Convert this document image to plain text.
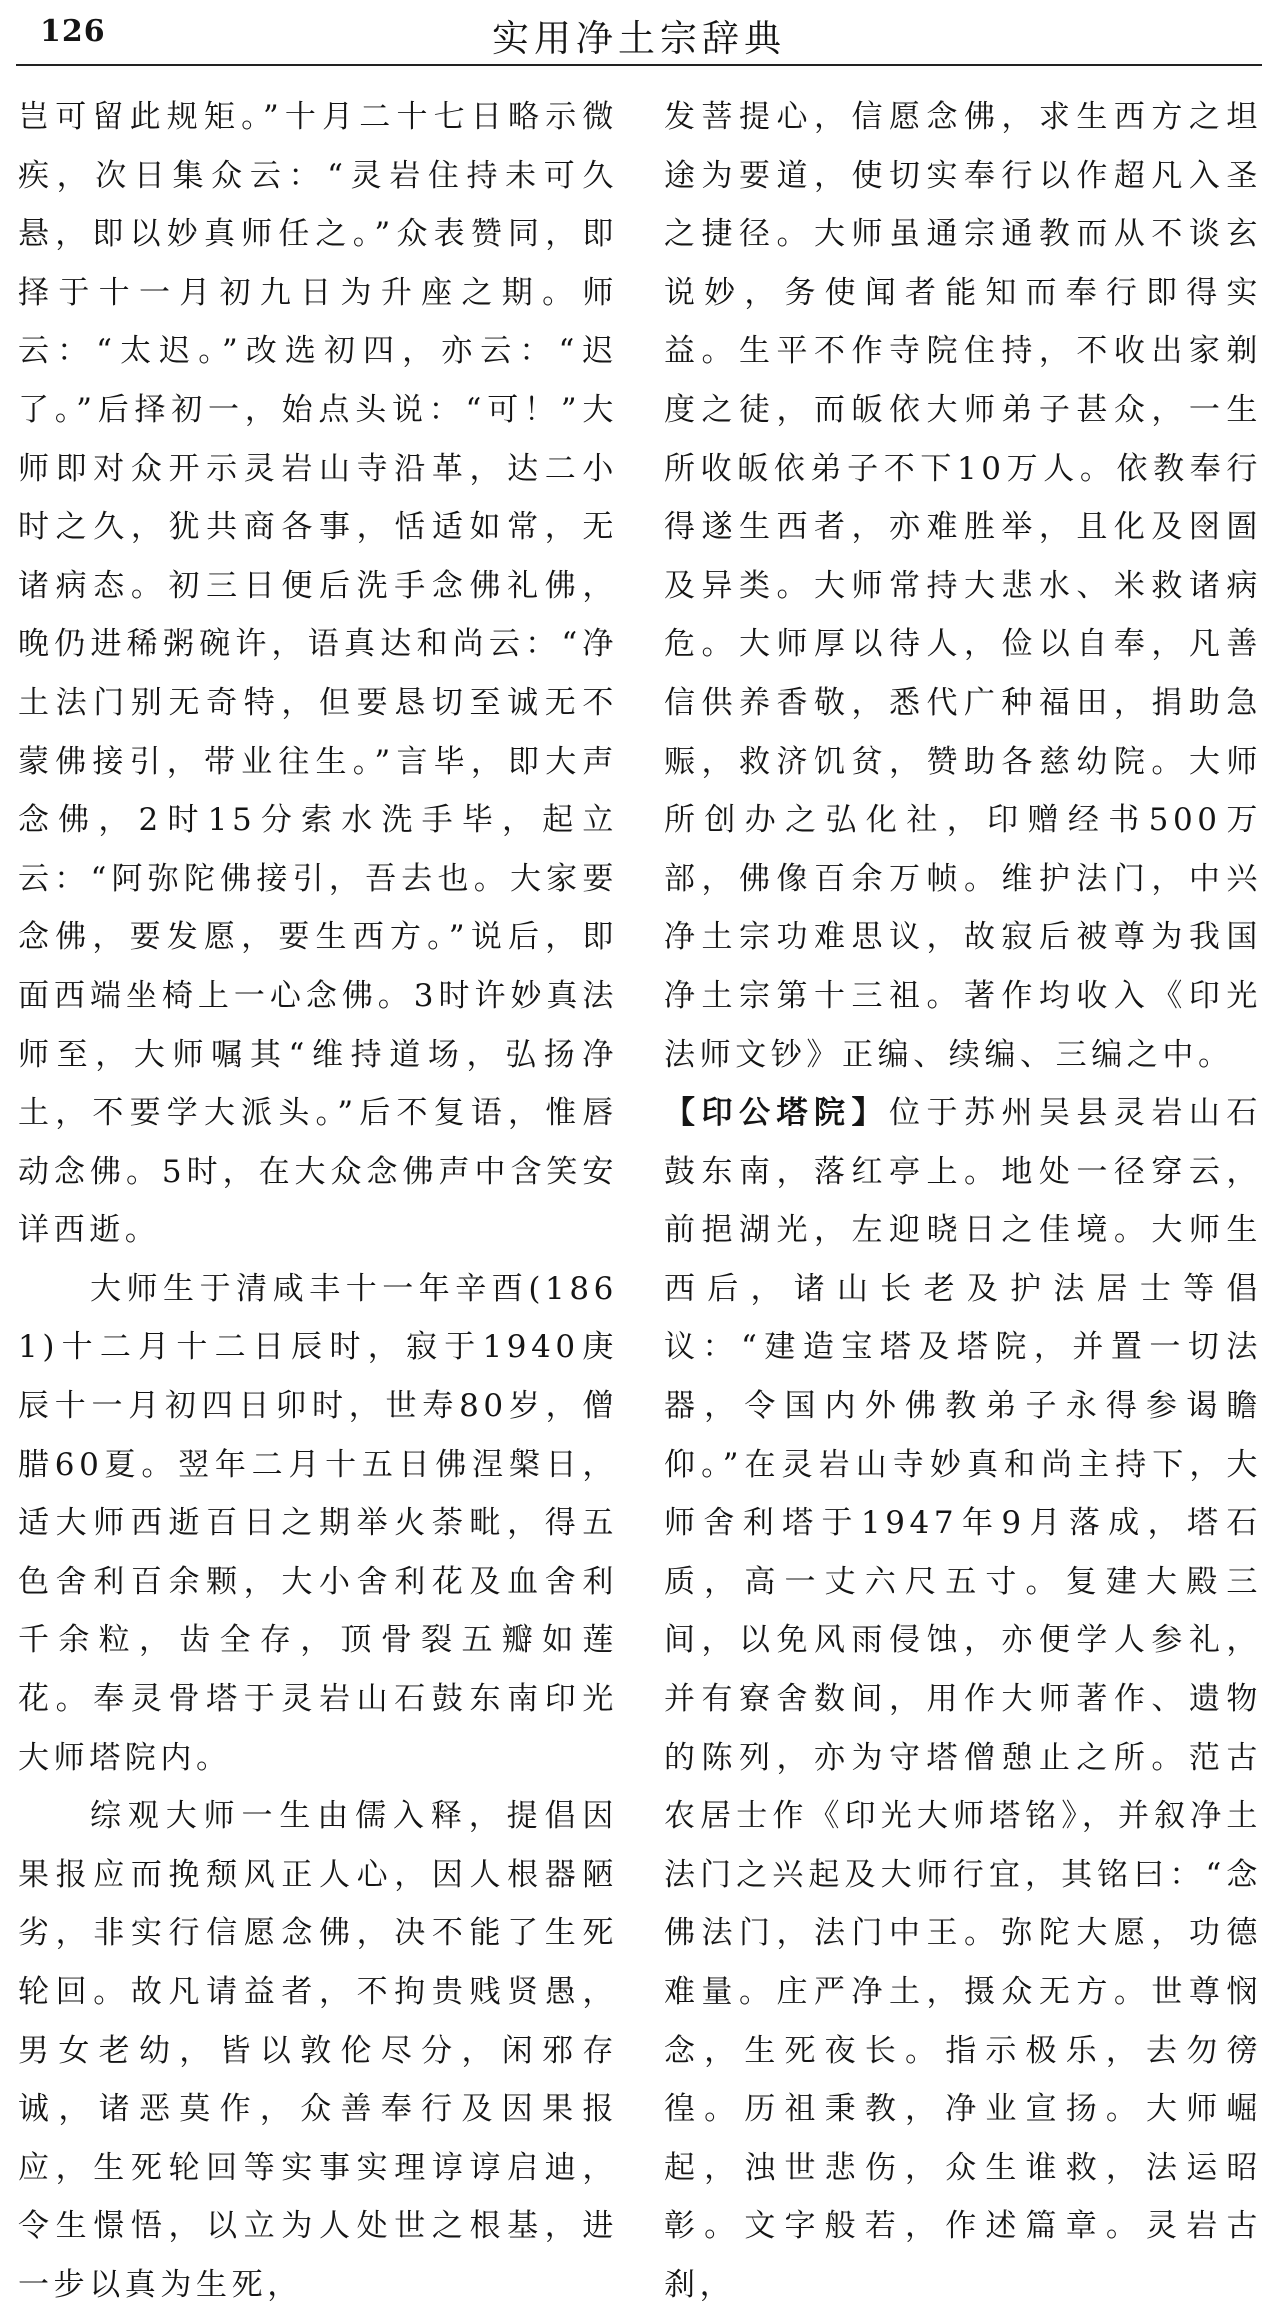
126	实用净土宗辞典

岂可留此规矩。”十月二十七日略示微疾，次日集众云：“灵岩住持未可久悬，即以妙真师任之。”众表赞同，即择于十一月初九日为升座之期。师云：“太迟。”改选初四，亦云：“迟了。”后择初一，始点头说：“可！”大师即对众开示灵岩山寺沿革，达二小时之久，犹共商各事，恬适如常，无诸病态。初三日便后洗手念佛礼佛，晚仍进稀粥碗许，语真达和尚云：“净土法门别无奇特，但要恳切至诚无不蒙佛接引，带业往生。”言毕，即大声念佛，2时15分索水洗手毕，起立云：“阿弥陀佛接引，吾去也。大家要念佛，要发愿，要生西方。”说后，即面西端坐椅上一心念佛。3时许妙真法师至，大师嘱其“维持道场，弘扬净土，不要学大派头。”后不复语，惟唇动念佛。5时，在大众念佛声中含笑安详西逝。

大师生于清咸丰十一年辛酉(1861)十二月十二日辰时，寂于1940庚辰十一月初四日卯时，世寿80岁，僧腊60夏。翌年二月十五日佛涅槃日，适大师西逝百日之期举火荼毗，得五色舍利百余颗，大小舍利花及血舍利千余粒，齿全存，顶骨裂五瓣如莲花。奉灵骨塔于灵岩山石鼓东南印光大师塔院内。

综观大师一生由儒入释，提倡因果报应而挽颓风正人心，因人根器陋劣，非实行信愿念佛，决不能了生死轮回。故凡请益者，不拘贵贱贤愚，男女老幼，皆以敦伦尽分，闲邪存诚，诸恶莫作，众善奉行及因果报应，生死轮回等实事实理谆谆启迪，令生憬悟，以立为人处世之根基，进一步以真为生死，

发菩提心，信愿念佛，求生西方之坦途为要道，使切实奉行以作超凡入圣之捷径。大师虽通宗通教而从不谈玄说妙，务使闻者能知而奉行即得实益。生平不作寺院住持，不收出家剃度之徒，而皈依大师弟子甚众，一生所收皈依弟子不下10万人。依教奉行得遂生西者，亦难胜举，且化及囹圄及异类。大师常持大悲水、米救诸病危。大师厚以待人，俭以自奉，凡善信供养香敬，悉代广种福田，捐助急赈，救济饥贫，赞助各慈幼院。大师所创办之弘化社，印赠经书500万部，佛像百余万帧。维护法门，中兴净土宗功难思议，故寂后被尊为我国净土宗第十三祖。著作均收入《印光法师文钞》正编、续编、三编之中。

【印公塔院】位于苏州吴县灵岩山石鼓东南，落红亭上。地处一径穿云，前挹湖光，左迎晓日之佳境。大师生西后，诸山长老及护法居士等倡议：“建造宝塔及塔院，并置一切法器，令国内外佛教弟子永得参谒瞻仰。”在灵岩山寺妙真和尚主持下，大师舍利塔于1947年9月落成，塔石质，高一丈六尺五寸。复建大殿三间，以免风雨侵蚀，亦便学人参礼，并有寮舍数间，用作大师著作、遗物的陈列，亦为守塔僧憩止之所。范古农居士作《印光大师塔铭》，并叙净土法门之兴起及大师行宜，其铭曰：“念佛法门，法门中王。弥陀大愿，功德难量。庄严净土，摄众无方。世尊悯念，生死夜长。指示极乐，去勿徬徨。历祖秉教，净业宣扬。大师崛起，浊世悲伤，众生谁救，法运昭彰。文字般若，作述篇章。灵岩古刹，
